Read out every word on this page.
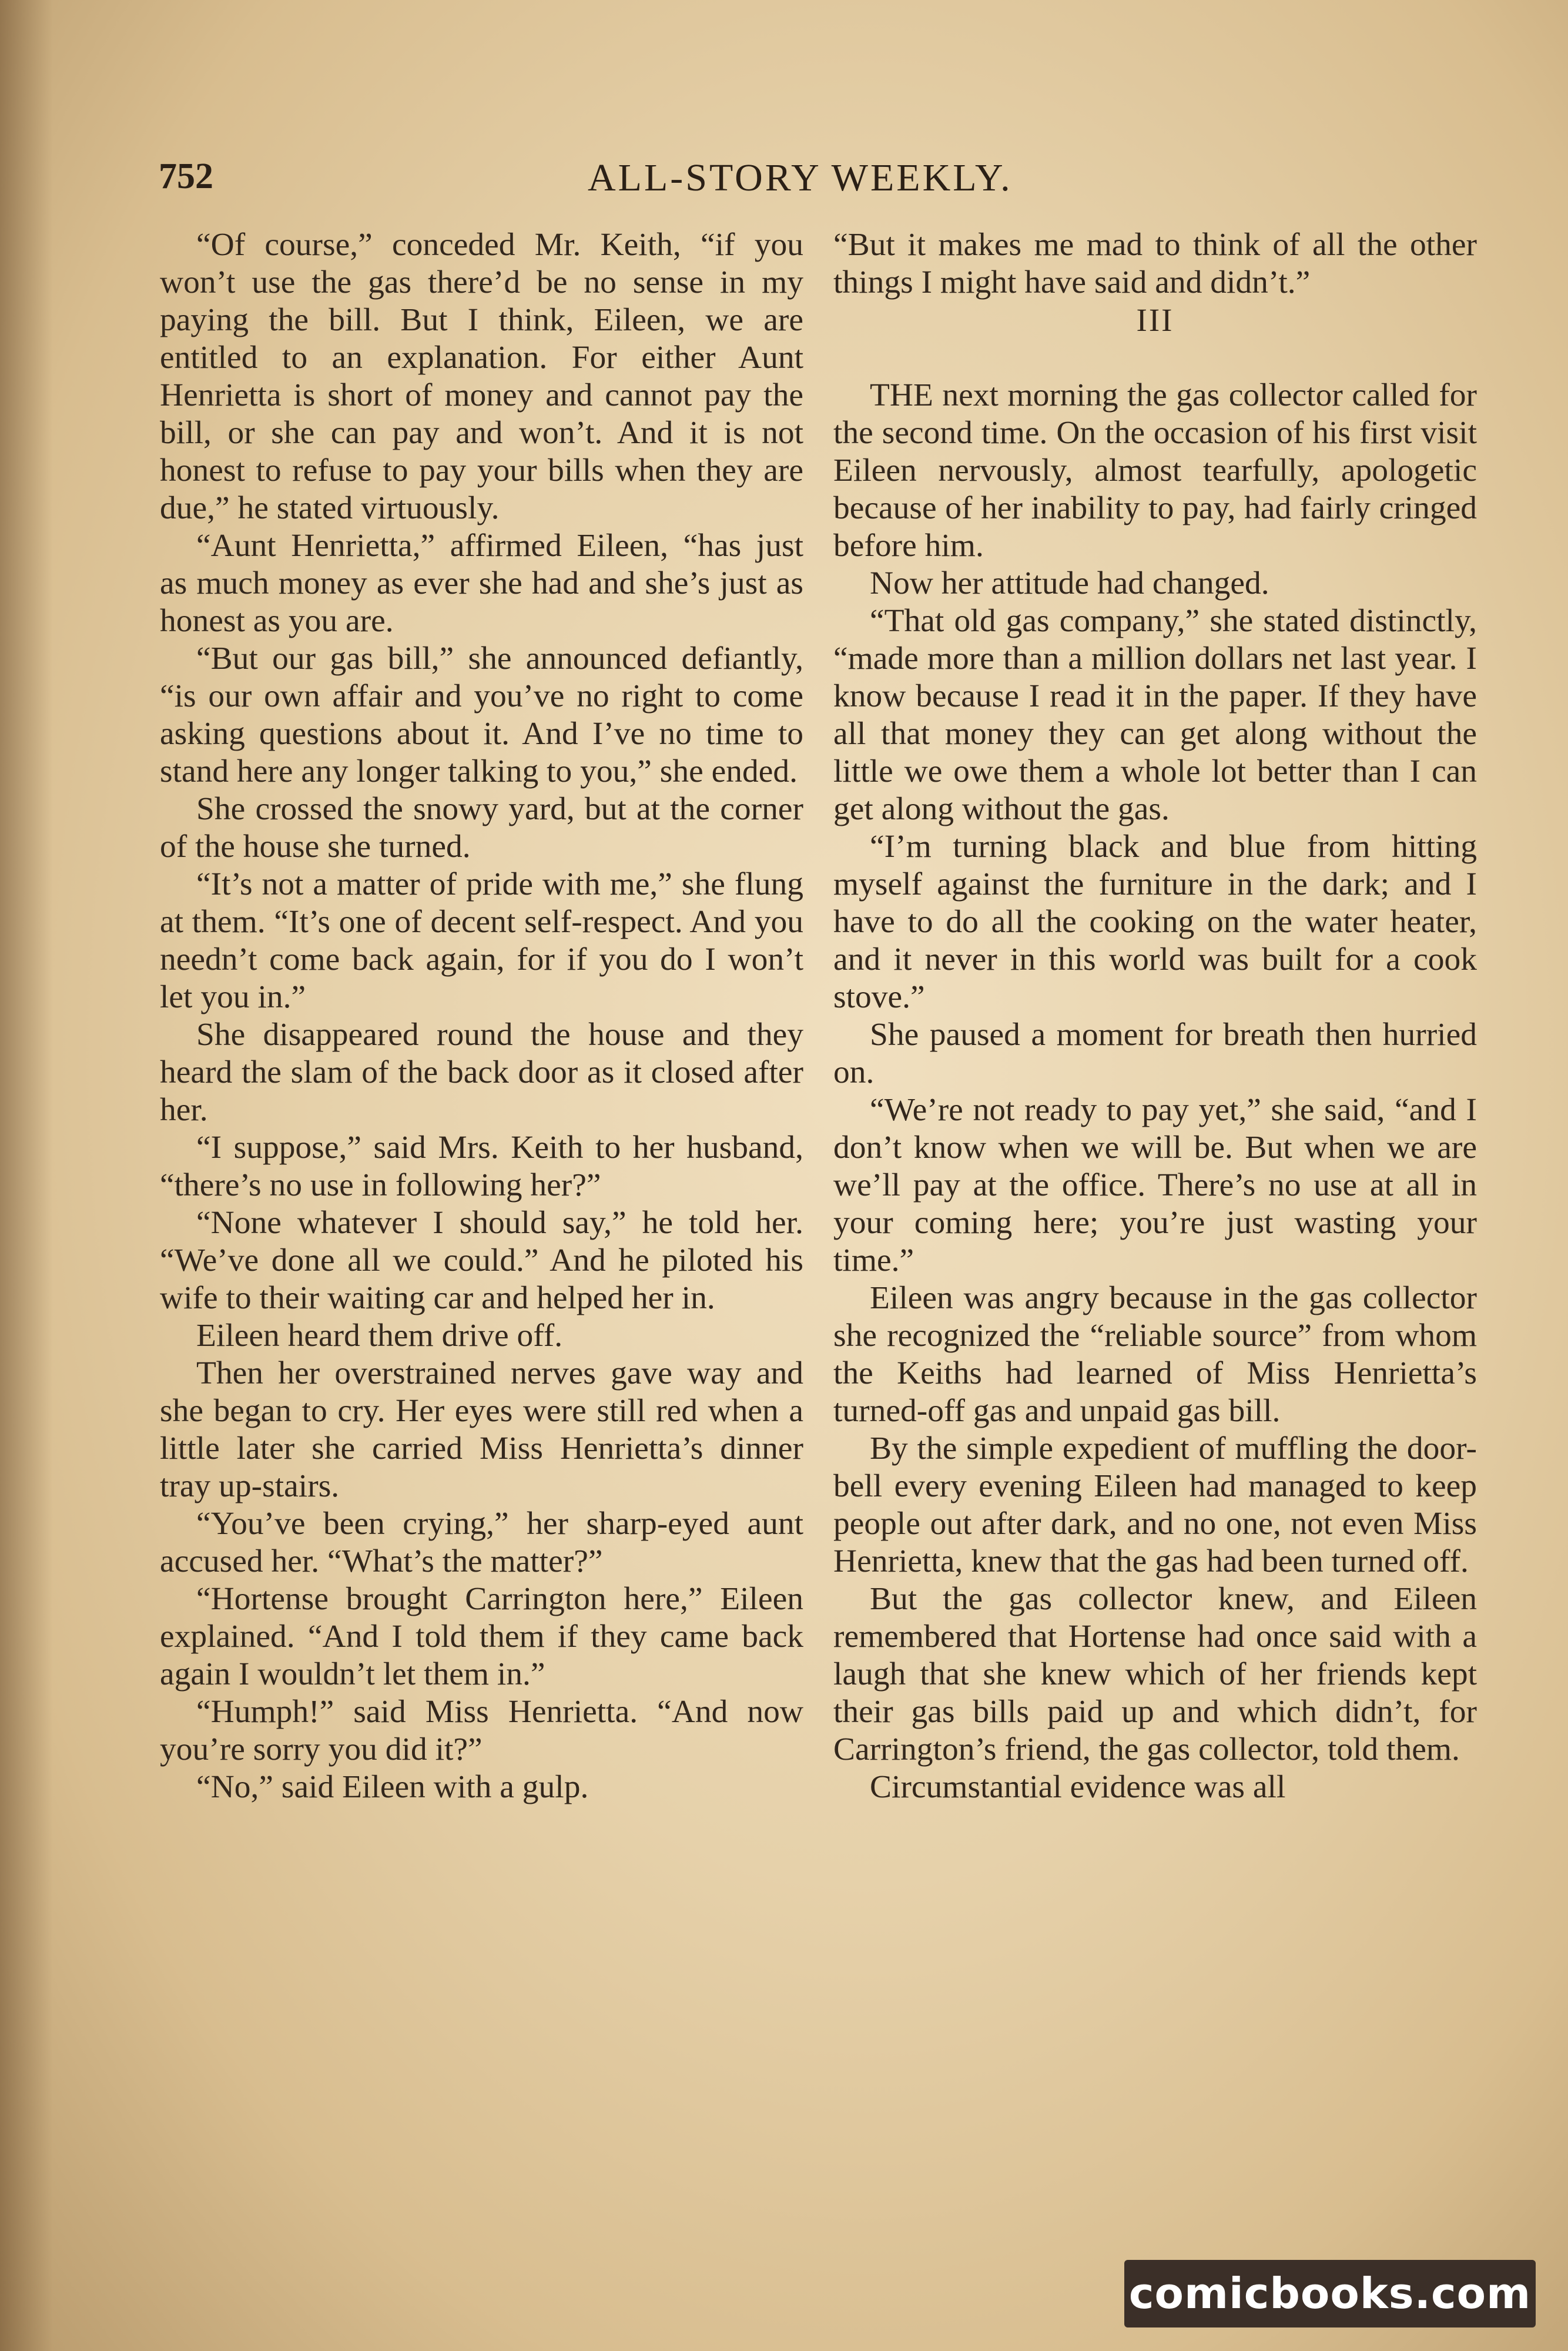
752	ALL-STORY WEEKLY.

“Of course,” conceded Mr. Keith, “if you won’t use the gas there’d be no sense in my paying the bill. But I think, Eileen, we are entitled to an explanation. For either Aunt Henrietta is short of money and cannot pay the bill, or she can pay and won’t. And it is not honest to refuse to pay your bills when they are due,” he stated virtuously.

“Aunt Henrietta,” affirmed Eileen, “has just as much money as ever she had and she’s just as honest as you are.

“But our gas bill,” she announced defiantly, “is our own affair and you’ve no right to come asking questions about it. And I’ve no time to stand here any longer talking to you,” she ended.

She crossed the snowy yard, but at the corner of the house she turned.

“It’s not a matter of pride with me,” she flung at them. “It’s one of decent self-respect. And you needn’t come back again, for if you do I won’t let you in.”

She disappeared round the house and they heard the slam of the back door as it closed after her.

“I suppose,” said Mrs. Keith to her husband, “there’s no use in following her?”

“None whatever I should say,” he told her. “We’ve done all we could.” And he piloted his wife to their waiting car and helped her in.

Eileen heard them drive off.

Then her overstrained nerves gave way and she began to cry. Her eyes were still red when a little later she carried Miss Henrietta’s dinner tray up-stairs.

“You’ve been crying,” her sharp-eyed aunt accused her. “What’s the matter?”

“Hortense brought Carrington here,” Eileen explained. “And I told them if they came back again I wouldn’t let them in.”

“Humph!” said Miss Henrietta. “And now you’re sorry you did it?”

“No,” said Eileen with a gulp.

“But it makes me mad to think of all the other things I might have said and didn’t.”

III

THE next morning the gas collector called for the second time. On the occasion of his first visit Eileen nervously, almost tearfully, apologetic because of her inability to pay, had fairly cringed before him.

Now her attitude had changed.

“That old gas company,” she stated distinctly, “made more than a million dollars net last year. I know because I read it in the paper. If they have all that money they can get along without the little we owe them a whole lot better than I can get along without the gas.

“I’m turning black and blue from hitting myself against the furniture in the dark; and I have to do all the cooking on the water heater, and it never in this world was built for a cook stove.”

She paused a moment for breath then hurried on.

“We’re not ready to pay yet,” she said, “and I don’t know when we will be. But when we are we’ll pay at the office. There’s no use at all in your coming here; you’re just wasting your time.”

Eileen was angry because in the gas collector she recognized the “reliable source” from whom the Keiths had learned of Miss Henrietta’s turned-off gas and unpaid gas bill.

By the simple expedient of muffling the door-bell every evening Eileen had managed to keep people out after dark, and no one, not even Miss Henrietta, knew that the gas had been turned off.

But the gas collector knew, and Eileen remembered that Hortense had once said with a laugh that she knew which of her friends kept their gas bills paid up and which didn’t, for Carrington’s friend, the gas collector, told them.

Circumstantial evidence was all

comicbooks.com
